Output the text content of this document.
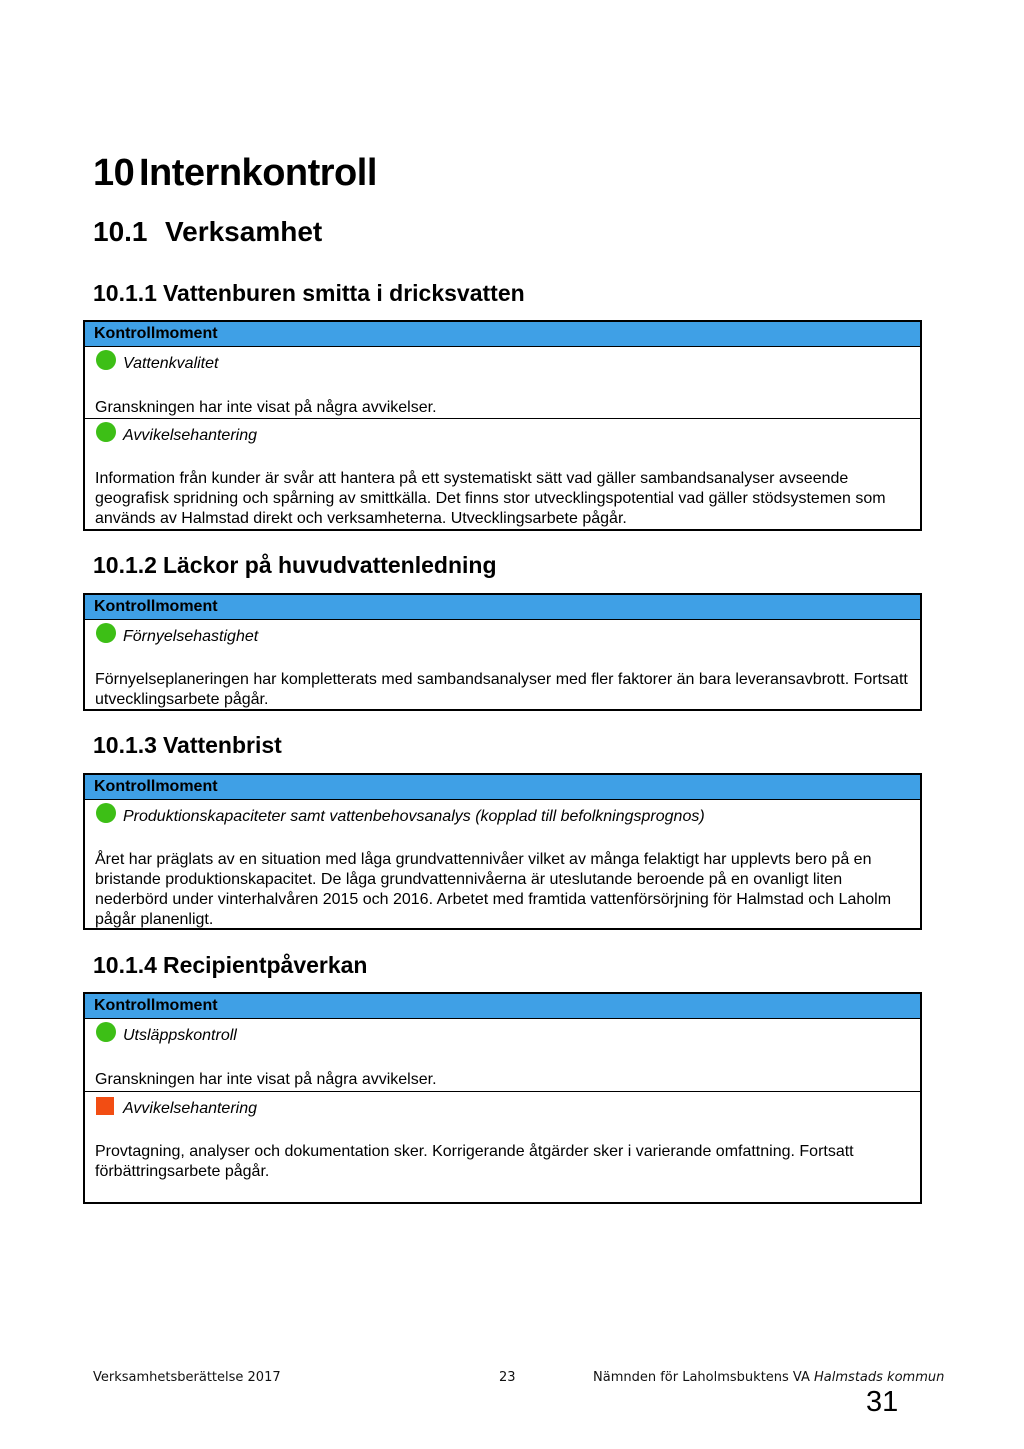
10 Internkontroll
10.1 Verksamhet
10.1.1 Vattenburen smitta i dricksvatten
Kontrollmoment
Vattenkvalitet
Granskningen har inte visat på några avvikelser.
Avvikelsehantering
Information från kunder är svår att hantera på ett systematiskt sätt vad gäller sambandsanalyser avseende geografisk spridning och spårning av smittkälla. Det finns stor utvecklingspotential vad gäller stödsystemen som används av Halmstad direkt och verksamheterna. Utvecklingsarbete pågår.
10.1.2 Läckor på huvudvattenledning
Kontrollmoment
Förnyelsehastighet
Förnyelseplaneringen har kompletterats med sambandsanalyser med fler faktorer än bara leveransavbrott. Fortsatt utvecklingsarbete pågår.
10.1.3 Vattenbrist
Kontrollmoment
Produktionskapaciteter samt vattenbehovsanalys (kopplad till befolkningsprognos)
Året har präglats av en situation med låga grundvattennivåer vilket av många felaktigt har upplevts bero på en bristande produktionskapacitet. De låga grundvattennivåerna är uteslutande beroende på en ovanligt liten nederbörd under vinterhalvåren 2015 och 2016. Arbetet med framtida vattenförsörjning för Halmstad och Laholm pågår planenligt.
10.1.4 Recipientpåverkan
Kontrollmoment
Utsläppskontroll
Granskningen har inte visat på några avvikelser.
Avvikelsehantering
Provtagning, analyser och dokumentation sker. Korrigerande åtgärder sker i varierande omfattning. Fortsatt förbättringsarbete pågår.
Verksamhetsberättelse 2017	23	Nämnden för Laholmsbuktens VA Halmstads kommun
31
